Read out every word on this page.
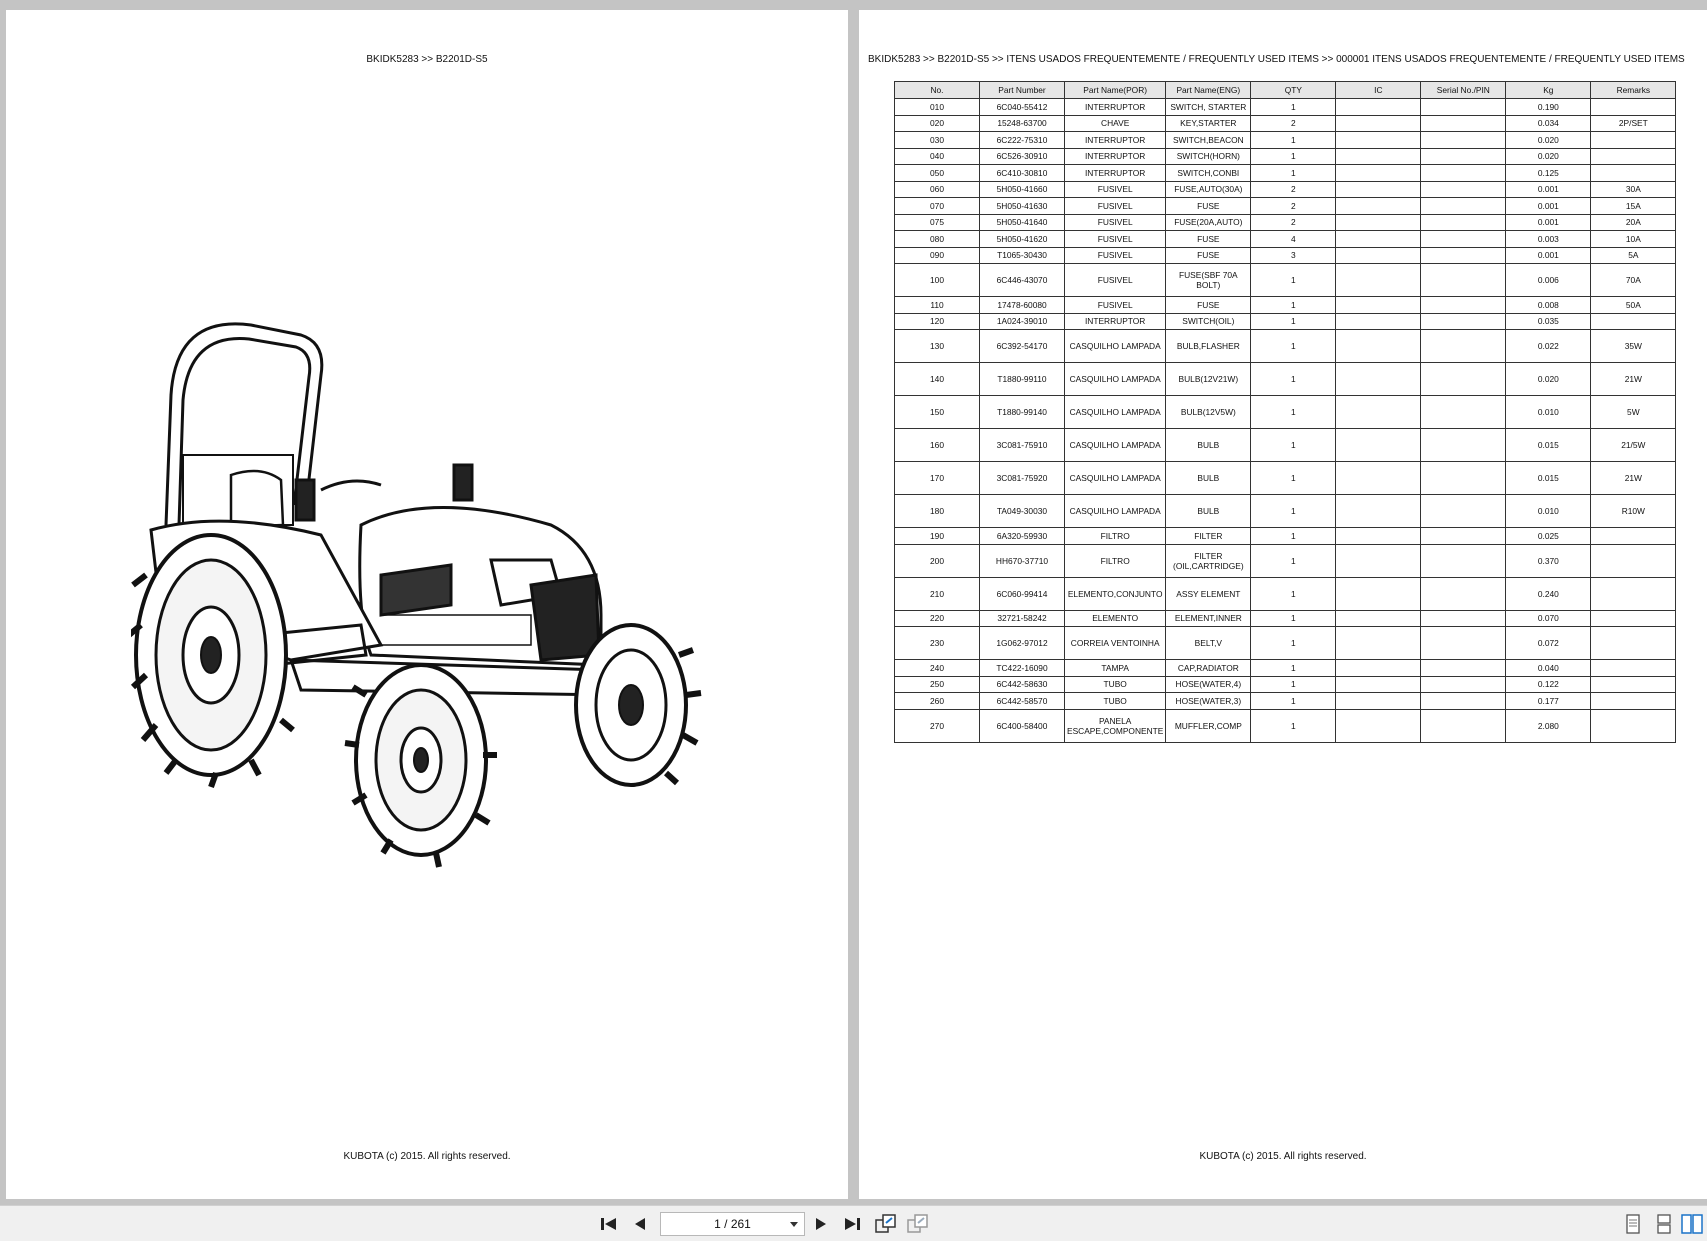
BKIDK5283 >> B2201D-S5
KUBOTA (c) 2015. All rights reserved.
BKIDK5283 >> B2201D-S5 >> ITENS USADOS FREQUENTEMENTE / FREQUENTLY USED ITEMS >> 000001 ITENS USADOS FREQUENTEMENTE / FREQUENTLY USED ITEMS
No.	Part Number	Part Name(POR)	Part Name(ENG)	QTY	IC	Serial No./PIN	Kg	Remarks
010	6C040-55412	INTERRUPTOR	SWITCH, STARTER	1			0.190	
020	15248-63700	CHAVE	KEY,STARTER	2			0.034	2P/SET
030	6C222-75310	INTERRUPTOR	SWITCH,BEACON	1			0.020	
040	6C526-30910	INTERRUPTOR	SWITCH(HORN)	1			0.020	
050	6C410-30810	INTERRUPTOR	SWITCH,CONBI	1			0.125	
060	5H050-41660	FUSIVEL	FUSE,AUTO(30A)	2			0.001	30A
070	5H050-41630	FUSIVEL	FUSE	2			0.001	15A
075	5H050-41640	FUSIVEL	FUSE(20A,AUTO)	2			0.001	20A
080	5H050-41620	FUSIVEL	FUSE	4			0.003	10A
090	T1065-30430	FUSIVEL	FUSE	3			0.001	5A
100	6C446-43070	FUSIVEL	FUSE(SBF 70A BOLT)	1			0.006	70A
110	17478-60080	FUSIVEL	FUSE	1			0.008	50A
120	1A024-39010	INTERRUPTOR	SWITCH(OIL)	1			0.035	
130	6C392-54170	CASQUILHO LAMPADA	BULB,FLASHER	1			0.022	35W
140	T1880-99110	CASQUILHO LAMPADA	BULB(12V21W)	1			0.020	21W
150	T1880-99140	CASQUILHO LAMPADA	BULB(12V5W)	1			0.010	5W
160	3C081-75910	CASQUILHO LAMPADA	BULB	1			0.015	21/5W
170	3C081-75920	CASQUILHO LAMPADA	BULB	1			0.015	21W
180	TA049-30030	CASQUILHO LAMPADA	BULB	1			0.010	R10W
190	6A320-59930	FILTRO	FILTER	1			0.025	
200	HH670-37710	FILTRO	FILTER (OIL,CARTRIDGE)	1			0.370	
210	6C060-99414	ELEMENTO,CONJUNTO	ASSY ELEMENT	1			0.240	
220	32721-58242	ELEMENTO	ELEMENT,INNER	1			0.070	
230	1G062-97012	CORREIA VENTOINHA	BELT,V	1			0.072	
240	TC422-16090	TAMPA	CAP,RADIATOR	1			0.040	
250	6C442-58630	TUBO	HOSE(WATER,4)	1			0.122	
260	6C442-58570	TUBO	HOSE(WATER,3)	1			0.177	
270	6C400-58400	PANELA ESCAPE,COMPONENTE	MUFFLER,COMP	1			2.080	
KUBOTA (c) 2015. All rights reserved.
1 / 261
